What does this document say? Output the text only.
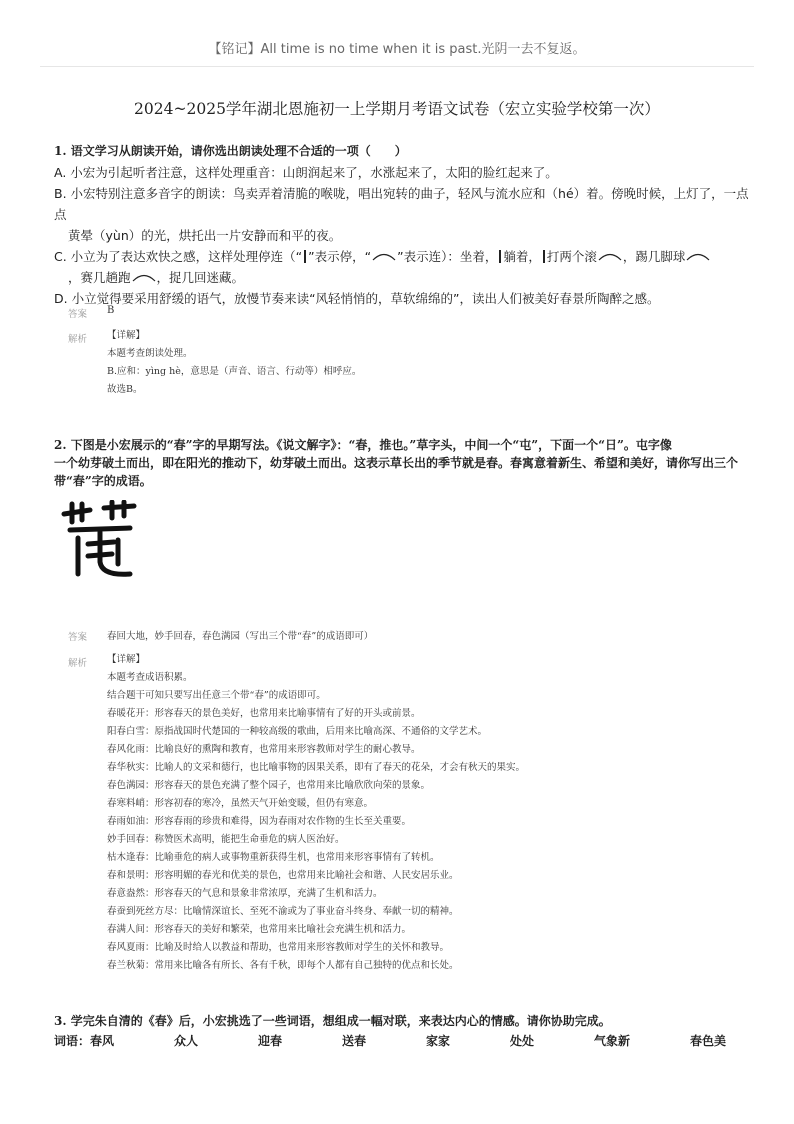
【铭记】All time is no time when it is past.光阴一去不复返。
2024~2025学年湖北恩施初一上学期月考语文试卷（宏立实验学校第一次）
1. 语文学习从朗读开始，请你选出朗读处理不合适的一项（　　）
A. 小宏为引起听者注意，这样处理重音：山朗润起来了，水涨起来了，太阳的脸红起来了。
B. 小宏特别注意多音字的朗读：鸟卖弄着清脆的喉咙，唱出宛转的曲子，轻风与流水应和（hé）着。傍晚时候，上灯了，一点点
黄晕（yùn）的光，烘托出一片安静而和平的夜。
C. 小立为了表达欢快之感，这样处理停连（“ ”表示停，“ ”表示连）：坐着， 躺着， 打两个滚 ，踢几脚球
，赛几趟跑 ，捉几回迷藏。
D. 小立觉得要采用舒缓的语气，放慢节奏来读“风轻悄悄的，草软绵绵的”，读出人们被美好春景所陶醉之感。
答案 B
解析 【详解】
本题考查朗读处理。
B.应和：yìng hè，意思是（声音、语言、行动等）相呼应。
故选B。
2. 下图是小宏展示的“春”字的早期写法。《说文解字》：“春，推也。”草字头，中间一个“屯”，下面一个“日”。屯字像
一个幼芽破土而出，即在阳光的推动下，幼芽破土而出。这表示草长出的季节就是春。春寓意着新生、希望和美好，请你写出三个
带“春”字的成语。
答案 春回大地，妙手回春，春色满园（写出三个带“春”的成语即可）
解析 【详解】
本题考查成语积累。
结合题干可知只要写出任意三个带“春”的成语即可。
春暖花开：形容春天的景色美好，也常用来比喻事情有了好的开头或前景。
阳春白雪：原指战国时代楚国的一种较高级的歌曲，后用来比喻高深、不通俗的文学艺术。
春风化雨：比喻良好的熏陶和教育，也常用来形容教师对学生的耐心教导。
春华秋实：比喻人的文采和德行，也比喻事物的因果关系，即有了春天的花朵，才会有秋天的果实。
春色满园：形容春天的景色充满了整个园子，也常用来比喻欣欣向荣的景象。
春寒料峭：形容初春的寒冷，虽然天气开始变暖，但仍有寒意。
春雨如油：形容春雨的珍贵和难得，因为春雨对农作物的生长至关重要。
妙手回春：称赞医术高明，能把生命垂危的病人医治好。
枯木逢春：比喻垂危的病人或事物重新获得生机，也常用来形容事情有了转机。
春和景明：形容明媚的春光和优美的景色，也常用来比喻社会和谐、人民安居乐业。
春意盎然：形容春天的气息和景象非常浓厚，充满了生机和活力。
春蚕到死丝方尽：比喻情深谊长、至死不渝或为了事业奋斗终身、奉献一切的精神。
春满人间：形容春天的美好和繁荣，也常用来比喻社会充满生机和活力。
春风夏雨：比喻及时给人以教益和帮助，也常用来形容教师对学生的关怀和教导。
春兰秋菊：常用来比喻各有所长、各有千秋，即每个人都有自己独特的优点和长处。
3. 学完朱自清的《春》后，小宏挑选了一些词语，想组成一幅对联，来表达内心的情感。请你协助完成。
词语： 春风	众人	迎春	送春	家家	处处	气象新	春色美
